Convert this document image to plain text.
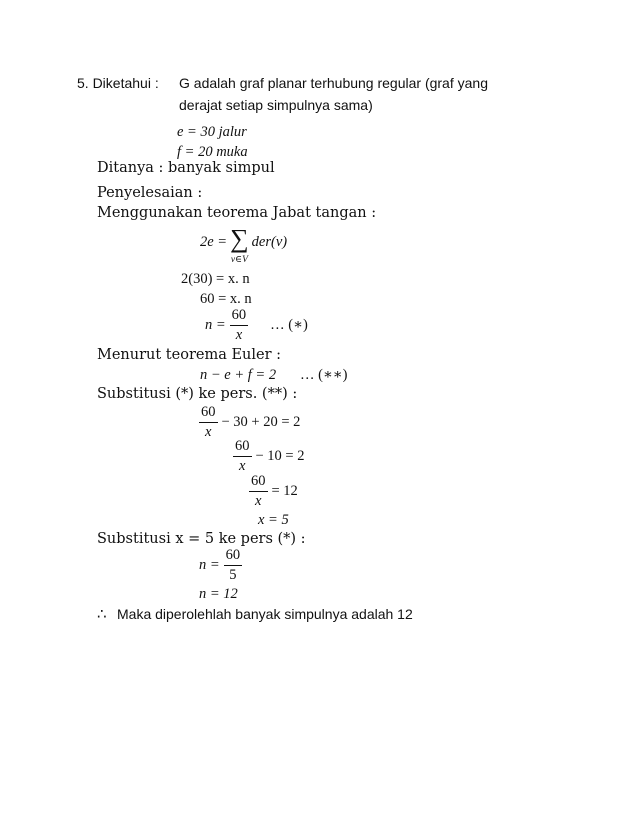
5. Diketahui : G adalah graf planar terhubung regular (graf yang
derajat setiap simpulnya sama)
e = 30 jalur
f = 20 muka
Ditanya : banyak simpul
Penyelesaian :
Menggunakan teorema Jabat tangan :
2e = ∑
v∈V
der(v)
2(30) = x. n
60 = x. n
$n = \frac{60}{x}$ … (∗)
Menurut teorema Euler :
n − e + f = 2 … (∗∗)
Substitusi (*) ke pers. (**) :
$\frac{60}{x} - 30 + 20 = 2$
$\frac{60}{x} - 10 = 2$
$\frac{60}{x} = 12$
x = 5
Substitusi x = 5 ke pers (*) :
$n = \frac{60}{5}$
n = 12
∴ Maka diperolehlah banyak simpulnya adalah 12
